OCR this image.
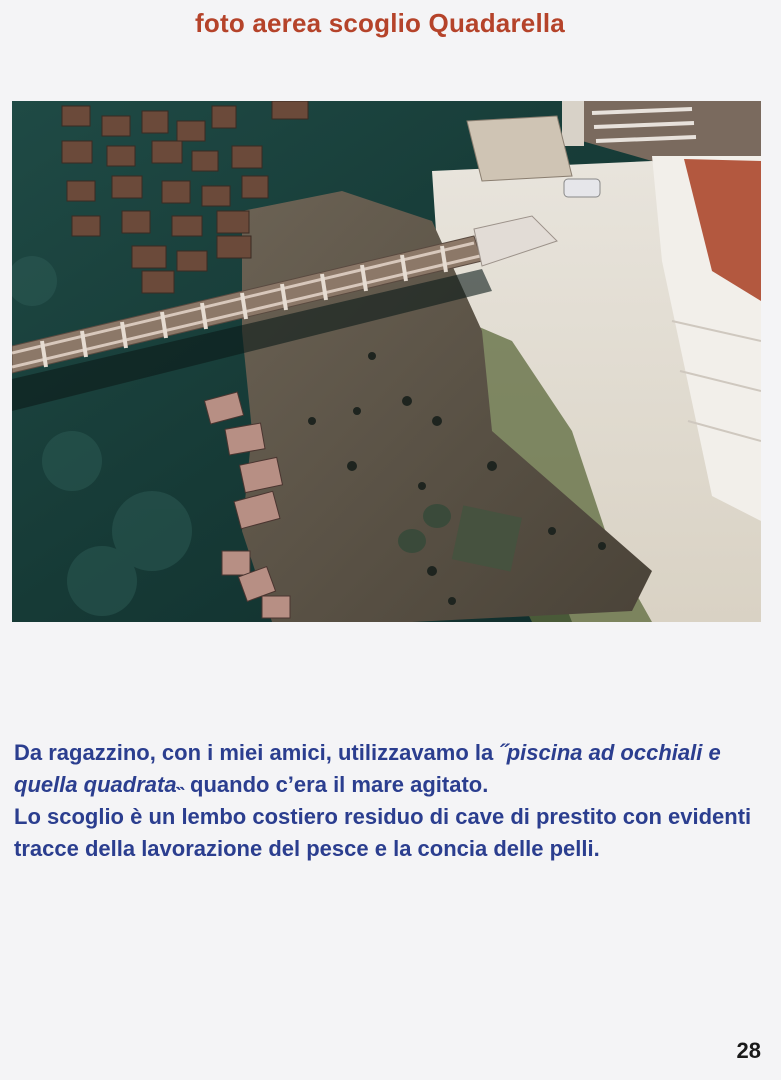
foto aerea scoglio Quadarella

Da ragazzino, con i miei amici, utilizzavamo la ˝piscina ad occhiali e quella quadrata˵ quando c’era il mare agitato.

Lo scoglio è un lembo costiero residuo di cave di prestito con evidenti tracce della lavorazione del pesce e la concia delle pelli.

28
